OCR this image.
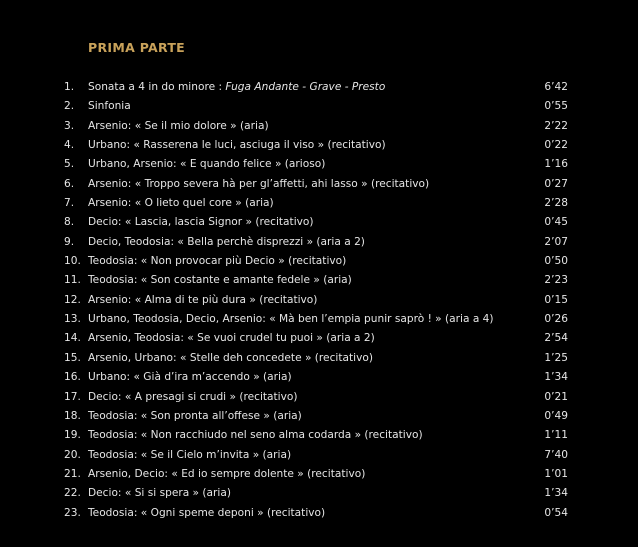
PRIMA PARTE
1. Sonata a 4 in do minore : Fuga Andante - Grave - Presto	6’42
2. Sinfonia	0’55
3. Arsenio: « Se il mio dolore » (aria)	2’22
4. Urbano: « Rasserena le luci, asciuga il viso » (recitativo)	0’22
5. Urbano, Arsenio: « E quando felice » (arioso)	1’16
6. Arsenio: « Troppo severa hà per gl’affetti, ahi lasso » (recitativo)	0’27
7. Arsenio: « O lieto quel core » (aria)	2’28
8. Decio: « Lascia, lascia Signor » (recitativo)	0’45
9. Decio, Teodosia: « Bella perchè disprezzi » (aria a 2)	2’07
10. Teodosia: « Non provocar più Decio » (recitativo)	0’50
11. Teodosia: « Son costante e amante fedele » (aria)	2’23
12. Arsenio: « Alma di te più dura » (recitativo)	0’15
13. Urbano, Teodosia, Decio, Arsenio: « Mà ben l’empia punir saprò ! » (aria a 4)	0’26
14. Arsenio, Teodosia: « Se vuoi crudel tu puoi » (aria a 2)	2’54
15. Arsenio, Urbano: « Stelle deh concedete » (recitativo)	1’25
16. Urbano: « Già d’ira m’accendo » (aria)	1’34
17. Decio: « A presagi si crudi » (recitativo)	0’21
18. Teodosia: « Son pronta all’offese » (aria)	0’49
19. Teodosia: « Non racchiudo nel seno alma codarda » (recitativo)	1’11
20. Teodosia: « Se il Cielo m’invita » (aria)	7’40
21. Arsenio, Decio: « Ed io sempre dolente » (recitativo)	1’01
22. Decio: « Si si spera » (aria)	1’34
23. Teodosia: « Ogni speme deponi » (recitativo)	0’54
